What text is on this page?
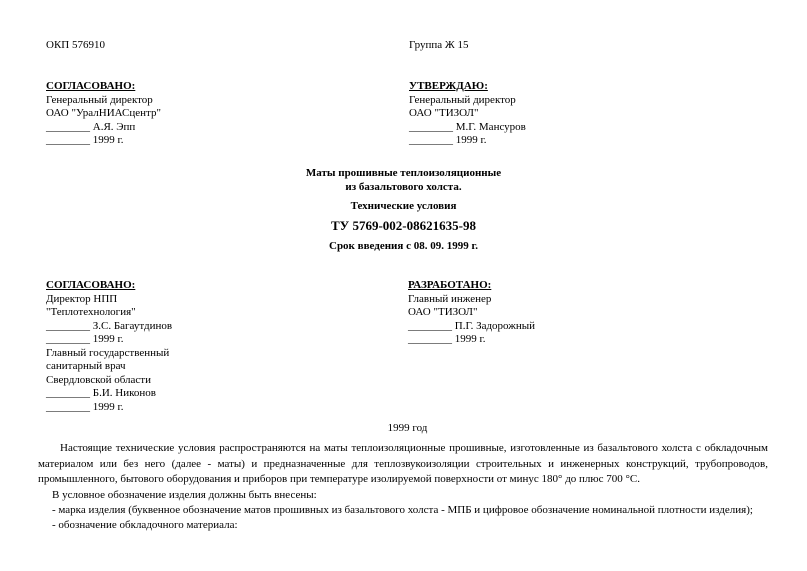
ОКП 576910	Группа Ж 15
СОГЛАСОВАНО:
Генеральный директор
ОАО "УралНИАСцентр"
________ А.Я. Эпп
________ 1999 г.
УТВЕРЖДАЮ:
Генеральный директор
ОАО "ТИЗОЛ"
________ М.Г. Мансуров
________ 1999 г.
Маты прошивные теплоизоляционные
из базальтового холста.
Технические условия
ТУ 5769-002-08621635-98
Срок введения с 08. 09. 1999 г.
СОГЛАСОВАНО:
Директор НПП
"Теплотехнология"
________ З.С. Багаутдинов
________ 1999 г.
Главный государственный
санитарный врач
Свердловской области
________ Б.И. Никонов
________ 1999 г.
РАЗРАБОТАНО:
Главный инженер
ОАО "ТИЗОЛ"
________ П.Г. Задорожный
________ 1999 г.
1999 год
Настоящие технические условия распространяются на маты теплоизоляционные прошивные, изготовленные из базальтового холста с обкладочным материалом или без него (далее - маты) и предназначенные для теплозвукоизоляции строительных и инженерных конструкций, трубопроводов, промышленного, бытового оборудования и приборов при температуре изолируемой поверхности от минус 180° до плюс 700 °С.
В условное обозначение изделия должны быть внесены:
- марка изделия (буквенное обозначение матов прошивных из базальтового холста - МПБ и цифровое обозначение номинальной плотности изделия);
- обозначение обкладочного материала:
